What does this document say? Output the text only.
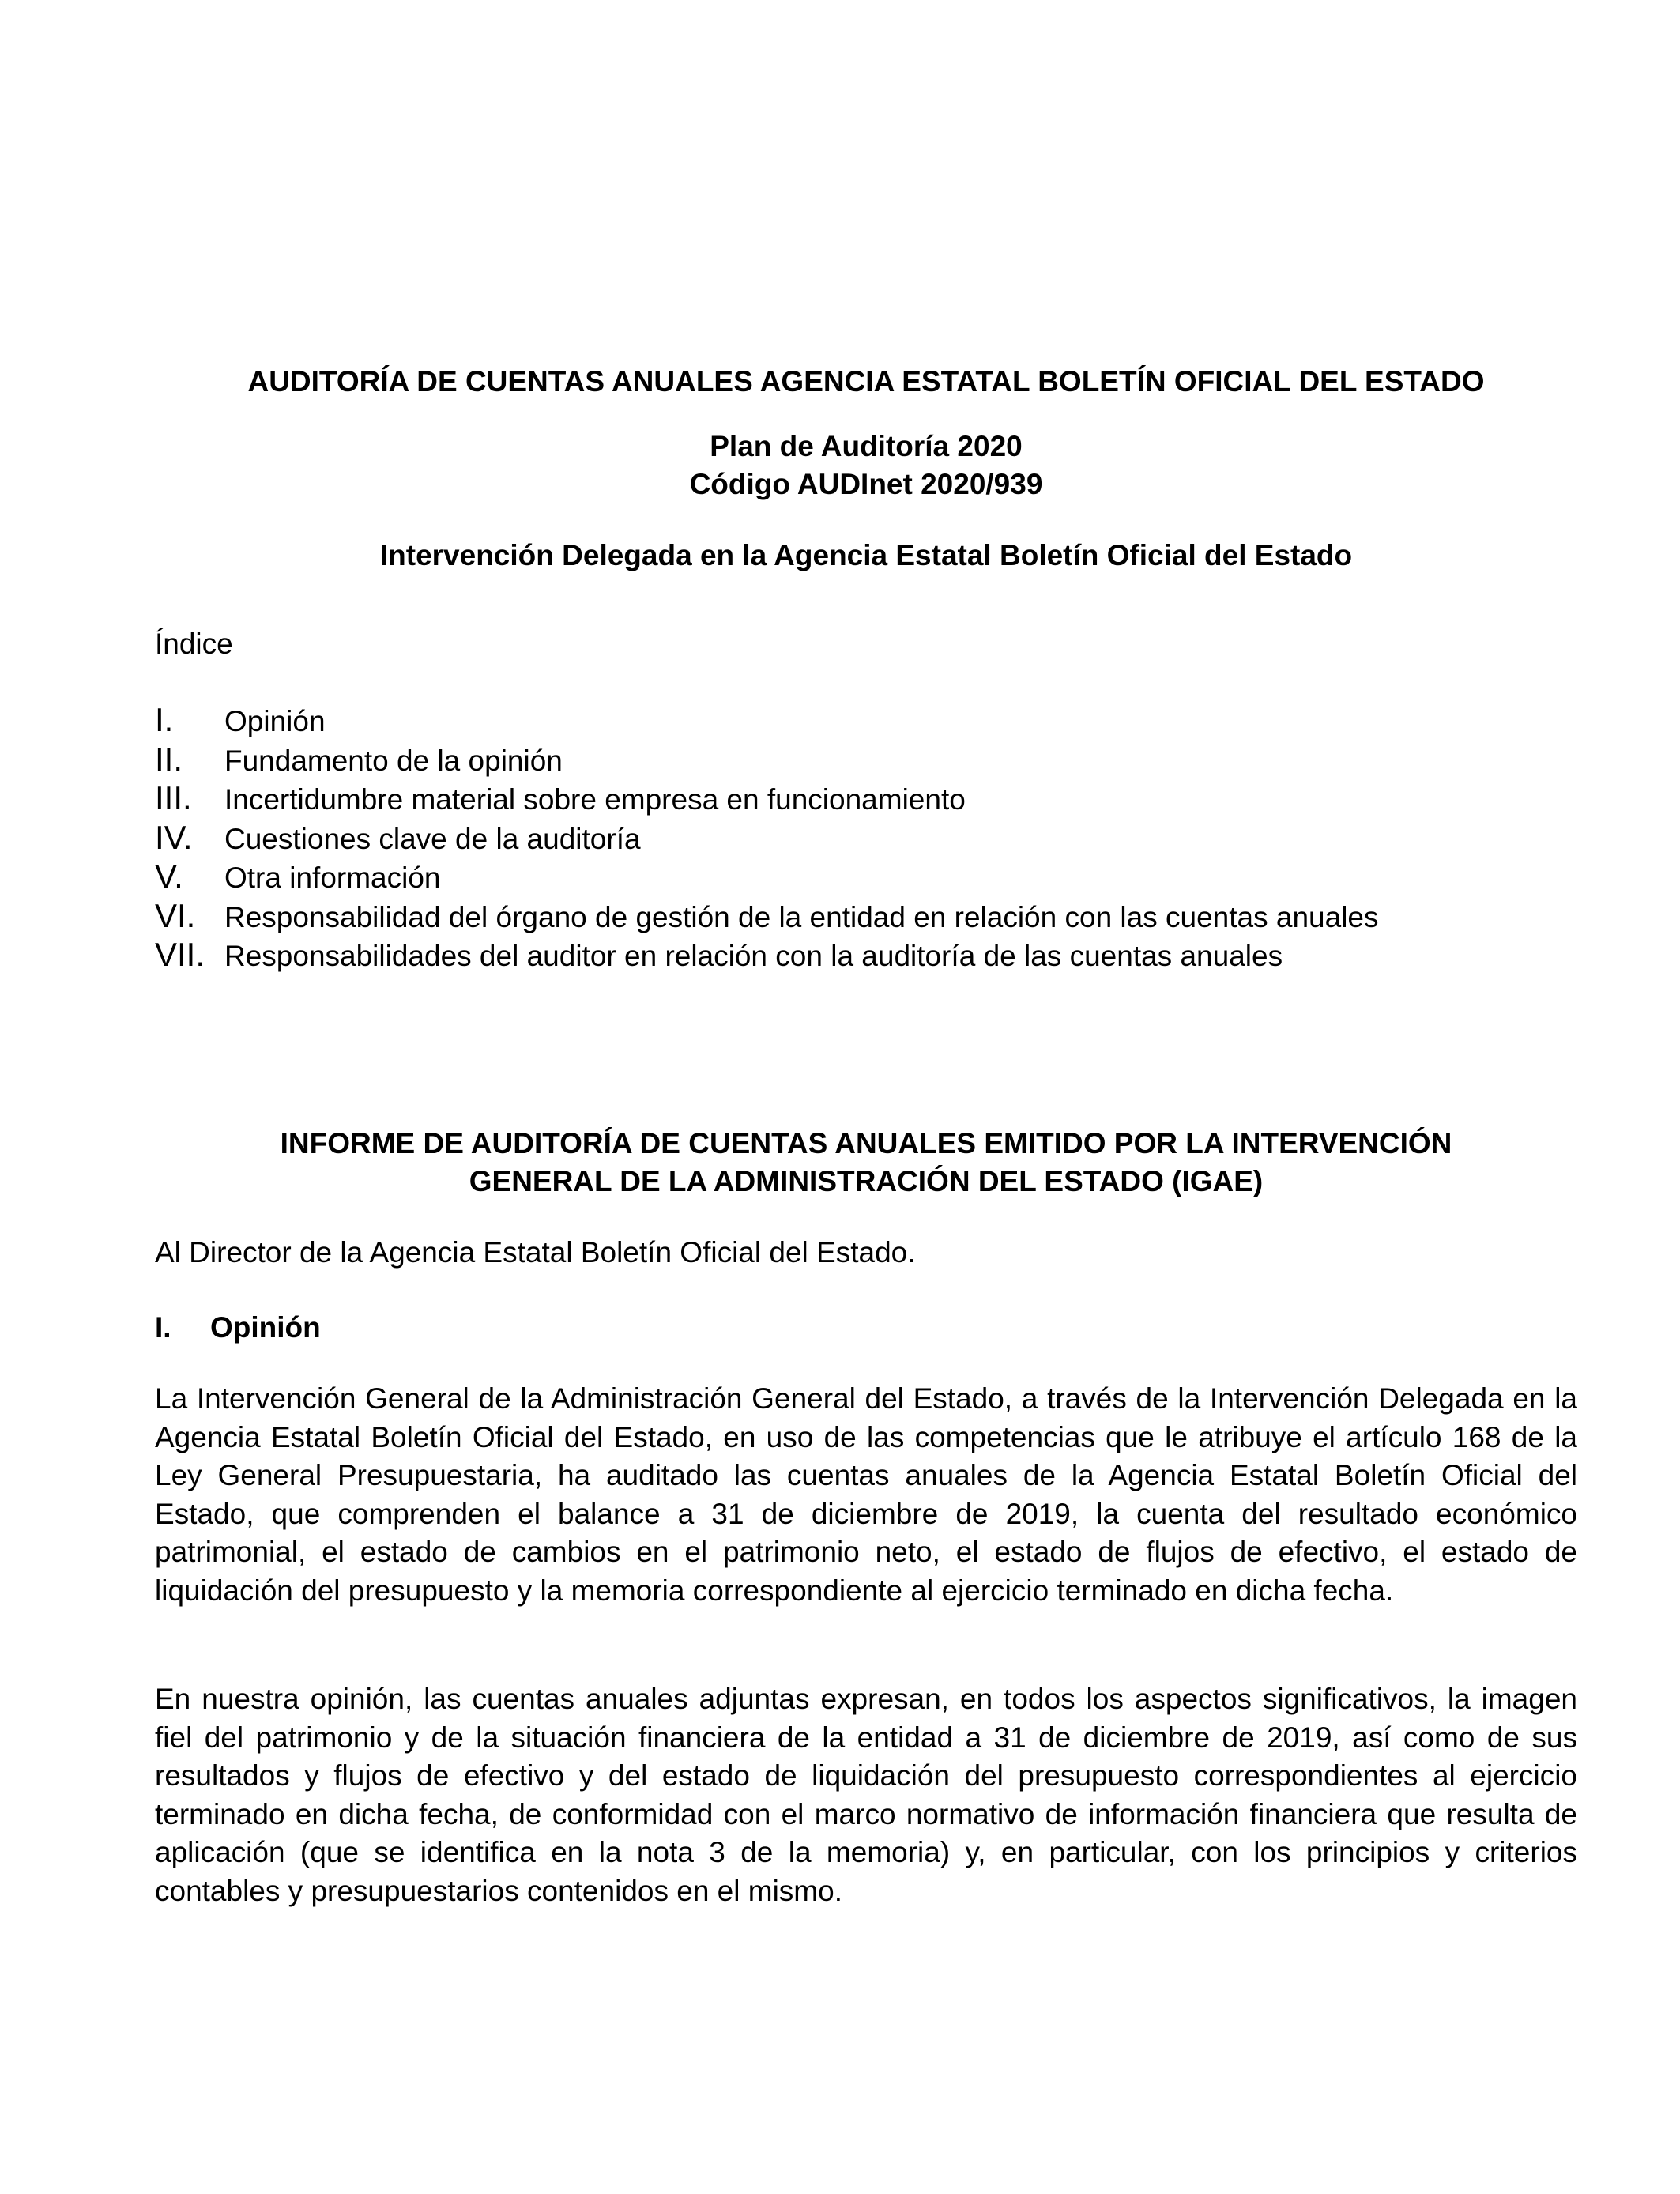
AUDITORÍA DE CUENTAS ANUALES AGENCIA ESTATAL BOLETÍN OFICIAL DEL ESTADO

Plan de Auditoría 2020

Código AUDInet 2020/939

Intervención Delegada en la Agencia Estatal Boletín Oficial del Estado

Índice

I.	Opinión
II.	Fundamento de la opinión
III.	Incertidumbre material sobre empresa en funcionamiento
IV.	Cuestiones clave de la auditoría
V.	Otra información
VI. Responsabilidad del órgano de gestión de la entidad en relación con las cuentas anuales
VII. Responsabilidades del auditor en relación con la auditoría de las cuentas anuales
INFORME DE AUDITORÍA DE CUENTAS ANUALES EMITIDO POR LA INTERVENCIÓN
GENERAL DE LA ADMINISTRACIÓN DEL ESTADO (IGAE)

Al Director de la Agencia Estatal Boletín Oficial del Estado.

I.	Opinión

La Intervención General de la Administración General del Estado, a través de la Intervención Delegada en la Agencia Estatal Boletín Oficial del Estado, en uso de las competencias que le atribuye el artículo 168 de la Ley General Presupuestaria, ha auditado las cuentas anuales de la Agencia Estatal Boletín Oficial del Estado, que comprenden el balance a 31 de diciembre de 2019, la cuenta del resultado económico patrimonial, el estado de cambios en el patrimonio neto, el estado de flujos de efectivo, el estado de liquidación del presupuesto y la memoria correspondiente al ejercicio terminado en dicha fecha.

En nuestra opinión, las cuentas anuales adjuntas expresan, en todos los aspectos significativos, la imagen fiel del patrimonio y de la situación financiera de la entidad a 31 de diciembre de 2019, así como de sus resultados y flujos de efectivo y del estado de liquidación del presupuesto correspondientes al ejercicio terminado en dicha fecha, de conformidad con el marco normativo de información financiera que resulta de aplicación (que se identifica en la nota 3 de la memoria) y, en particular, con los principios y criterios contables y presupuestarios contenidos en el mismo.
